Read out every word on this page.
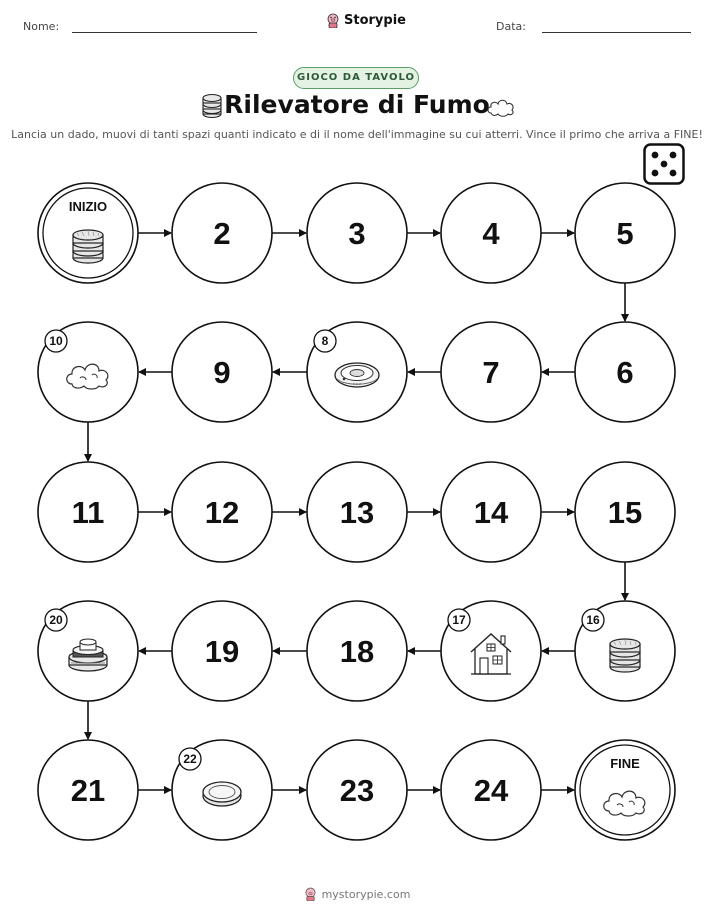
Nome:	Storypie	Data:
GIOCO DA TAVOLO
Rilevatore di Fumo
Lancia un dado, muovi di tanti spazi quanti indicato e di il nome dell'immagine su cui atterri. Vince il primo che arriva a FINE!
INIZIO
2	3	4	5
6
7
8
9
10
11	12	13	14	15
16
17
18
19
20
21
22
23	24
FINE
mystorypie.com
